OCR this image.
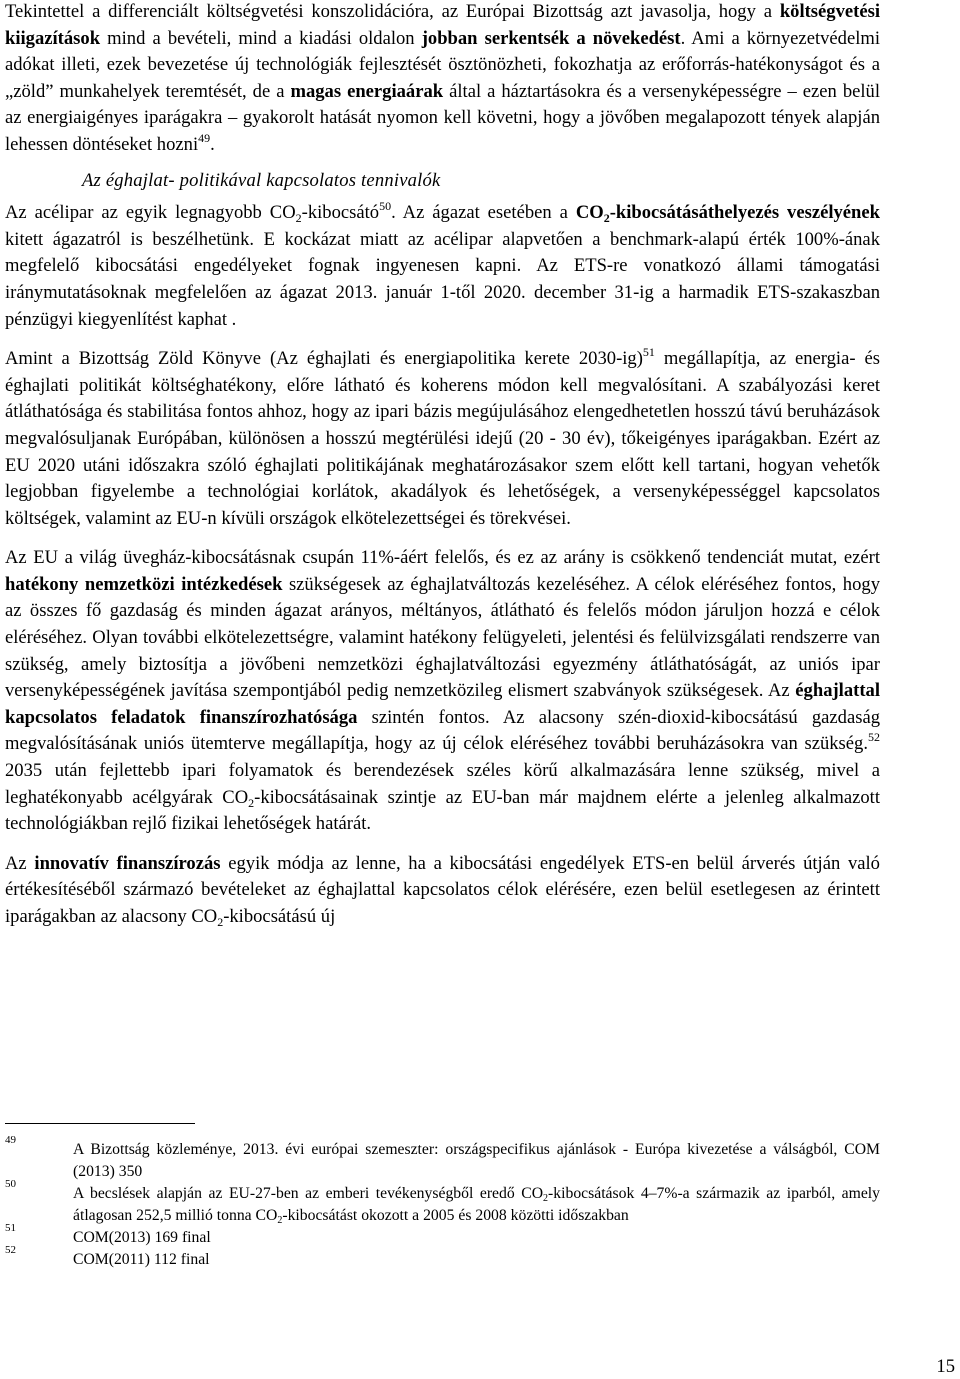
Tekintettel a differenciált költségvetési konszolidációra, az Európai Bizottság azt javasolja, hogy a költségvetési kiigazítások mind a bevételi, mind a kiadási oldalon jobban serkentsék a növekedést. Ami a környezetvédelmi adókat illeti, ezek bevezetése új technológiák fejlesztését ösztönözheti, fokozhatja az erőforrás-hatékonyságot és a „zöld” munkahelyek teremtését, de a magas energiaárak által a háztartásokra és a versenyképességre – ezen belül az energiaigényes iparágakra – gyakorolt hatását nyomon kell követni, hogy a jövőben megalapozott tények alapján lehessen döntéseket hozni$^{49}$.

Az éghajlat- politikával kapcsolatos tennivalók

Az acélipar az egyik legnagyobb $CO_2-kibocsátó^{50}$. Az ágazat esetében a $CO_2$-kibocsátásáthelyezés veszélyének kitett ágazatról is beszélhetünk. E kockázat miatt az acélipar alapvetően a benchmark-alapú érték 100%-ának megfelelő kibocsátási engedélyeket fognak ingyenesen kapni. Az ETS-re vonatkozó állami támogatási iránymutatásoknak megfelelően az ágazat 2013. január 1-től 2020. december 31-ig a harmadik ETS-szakaszban pénzügyi kiegyenlítést kaphat .

Amint a Bizottság Zöld Könyve (Az éghajlati és energiapolitika kerete 2030-ig)$^{51}$ megállapítja, az energia- és éghajlati politikát költséghatékony, előre látható és koherens módon kell megvalósítani. A szabályozási keret átláthatósága és stabilitása fontos ahhoz, hogy az ipari bázis megújulásához elengedhetetlen hosszú távú beruházások megvalósuljanak Európában, különösen a hosszú megtérülési idejű (20 - 30 év), tőkeigényes iparágakban. Ezért az EU 2020 utáni időszakra szóló éghajlati politikájának meghatározásakor szem előtt kell tartani, hogyan vehetők legjobban figyelembe a technológiai korlátok, akadályok és lehetőségek, a versenyképességgel kapcsolatos költségek, valamint az EU-n kívüli országok elkötelezettségei és törekvései.

Az EU a világ üvegház-kibocsátásnak csupán 11%-áért felelős, és ez az arány is csökkenő tendenciát mutat, ezért hatékony nemzetközi intézkedések szükségesek az éghajlatváltozás kezeléséhez. A célok eléréséhez fontos, hogy az összes fő gazdaság és minden ágazat arányos, méltányos, átlátható és felelős módon járuljon hozzá e célok eléréséhez. Olyan további elkötelezettségre, valamint hatékony felügyeleti, jelentési és felülvizsgálati rendszerre van szükség, amely biztosítja a jövőbeni nemzetközi éghajlatváltozási egyezmény átláthatóságát, az uniós ipar versenyképességének javítása szempontjából pedig nemzetközileg elismert szabványok szükségesek. Az éghajlattal kapcsolatos feladatok finanszírozhatósága szintén fontos. Az alacsony szén-dioxid-kibocsátású gazdaság megvalósításának uniós ütemterve megállapítja, hogy az új célok eléréséhez további beruházásokra van szükség.$^{52}$ 2035 után fejlettebb ipari folyamatok és berendezések széles körű alkalmazására lenne szükség, mivel a leghatékonyabb acélgyárak $CO_2$-kibocsátásainak szintje az EU-ban már majdnem elérte a jelenleg alkalmazott technológiákban rejlő fizikai lehetőségek határát.

Az innovatív finanszírozás egyik módja az lenne, ha a kibocsátási engedélyek ETS-en belül árverés útján való értékesítéséből származó bevételeket az éghajlattal kapcsolatos célok elérésére, ezen belül esetlegesen az érintett iparágakban az alacsony $CO_2$-kibocsátású új

49
A Bizottság közleménye, 2013. évi európai szemeszter: országspecifikus ajánlások - Európa kivezetése a válságból, COM (2013) 350
50
A becslések alapján az EU-27-ben az emberi tevékenységből eredő $CO_2$-kibocsátások 4–7%-a származik az iparból, amely átlagosan 252,5 millió tonna $CO_2$-kibocsátást okozott a 2005 és 2008 közötti időszakban
51
COM(2013) 169 final
52
COM(2011) 112 final
15
